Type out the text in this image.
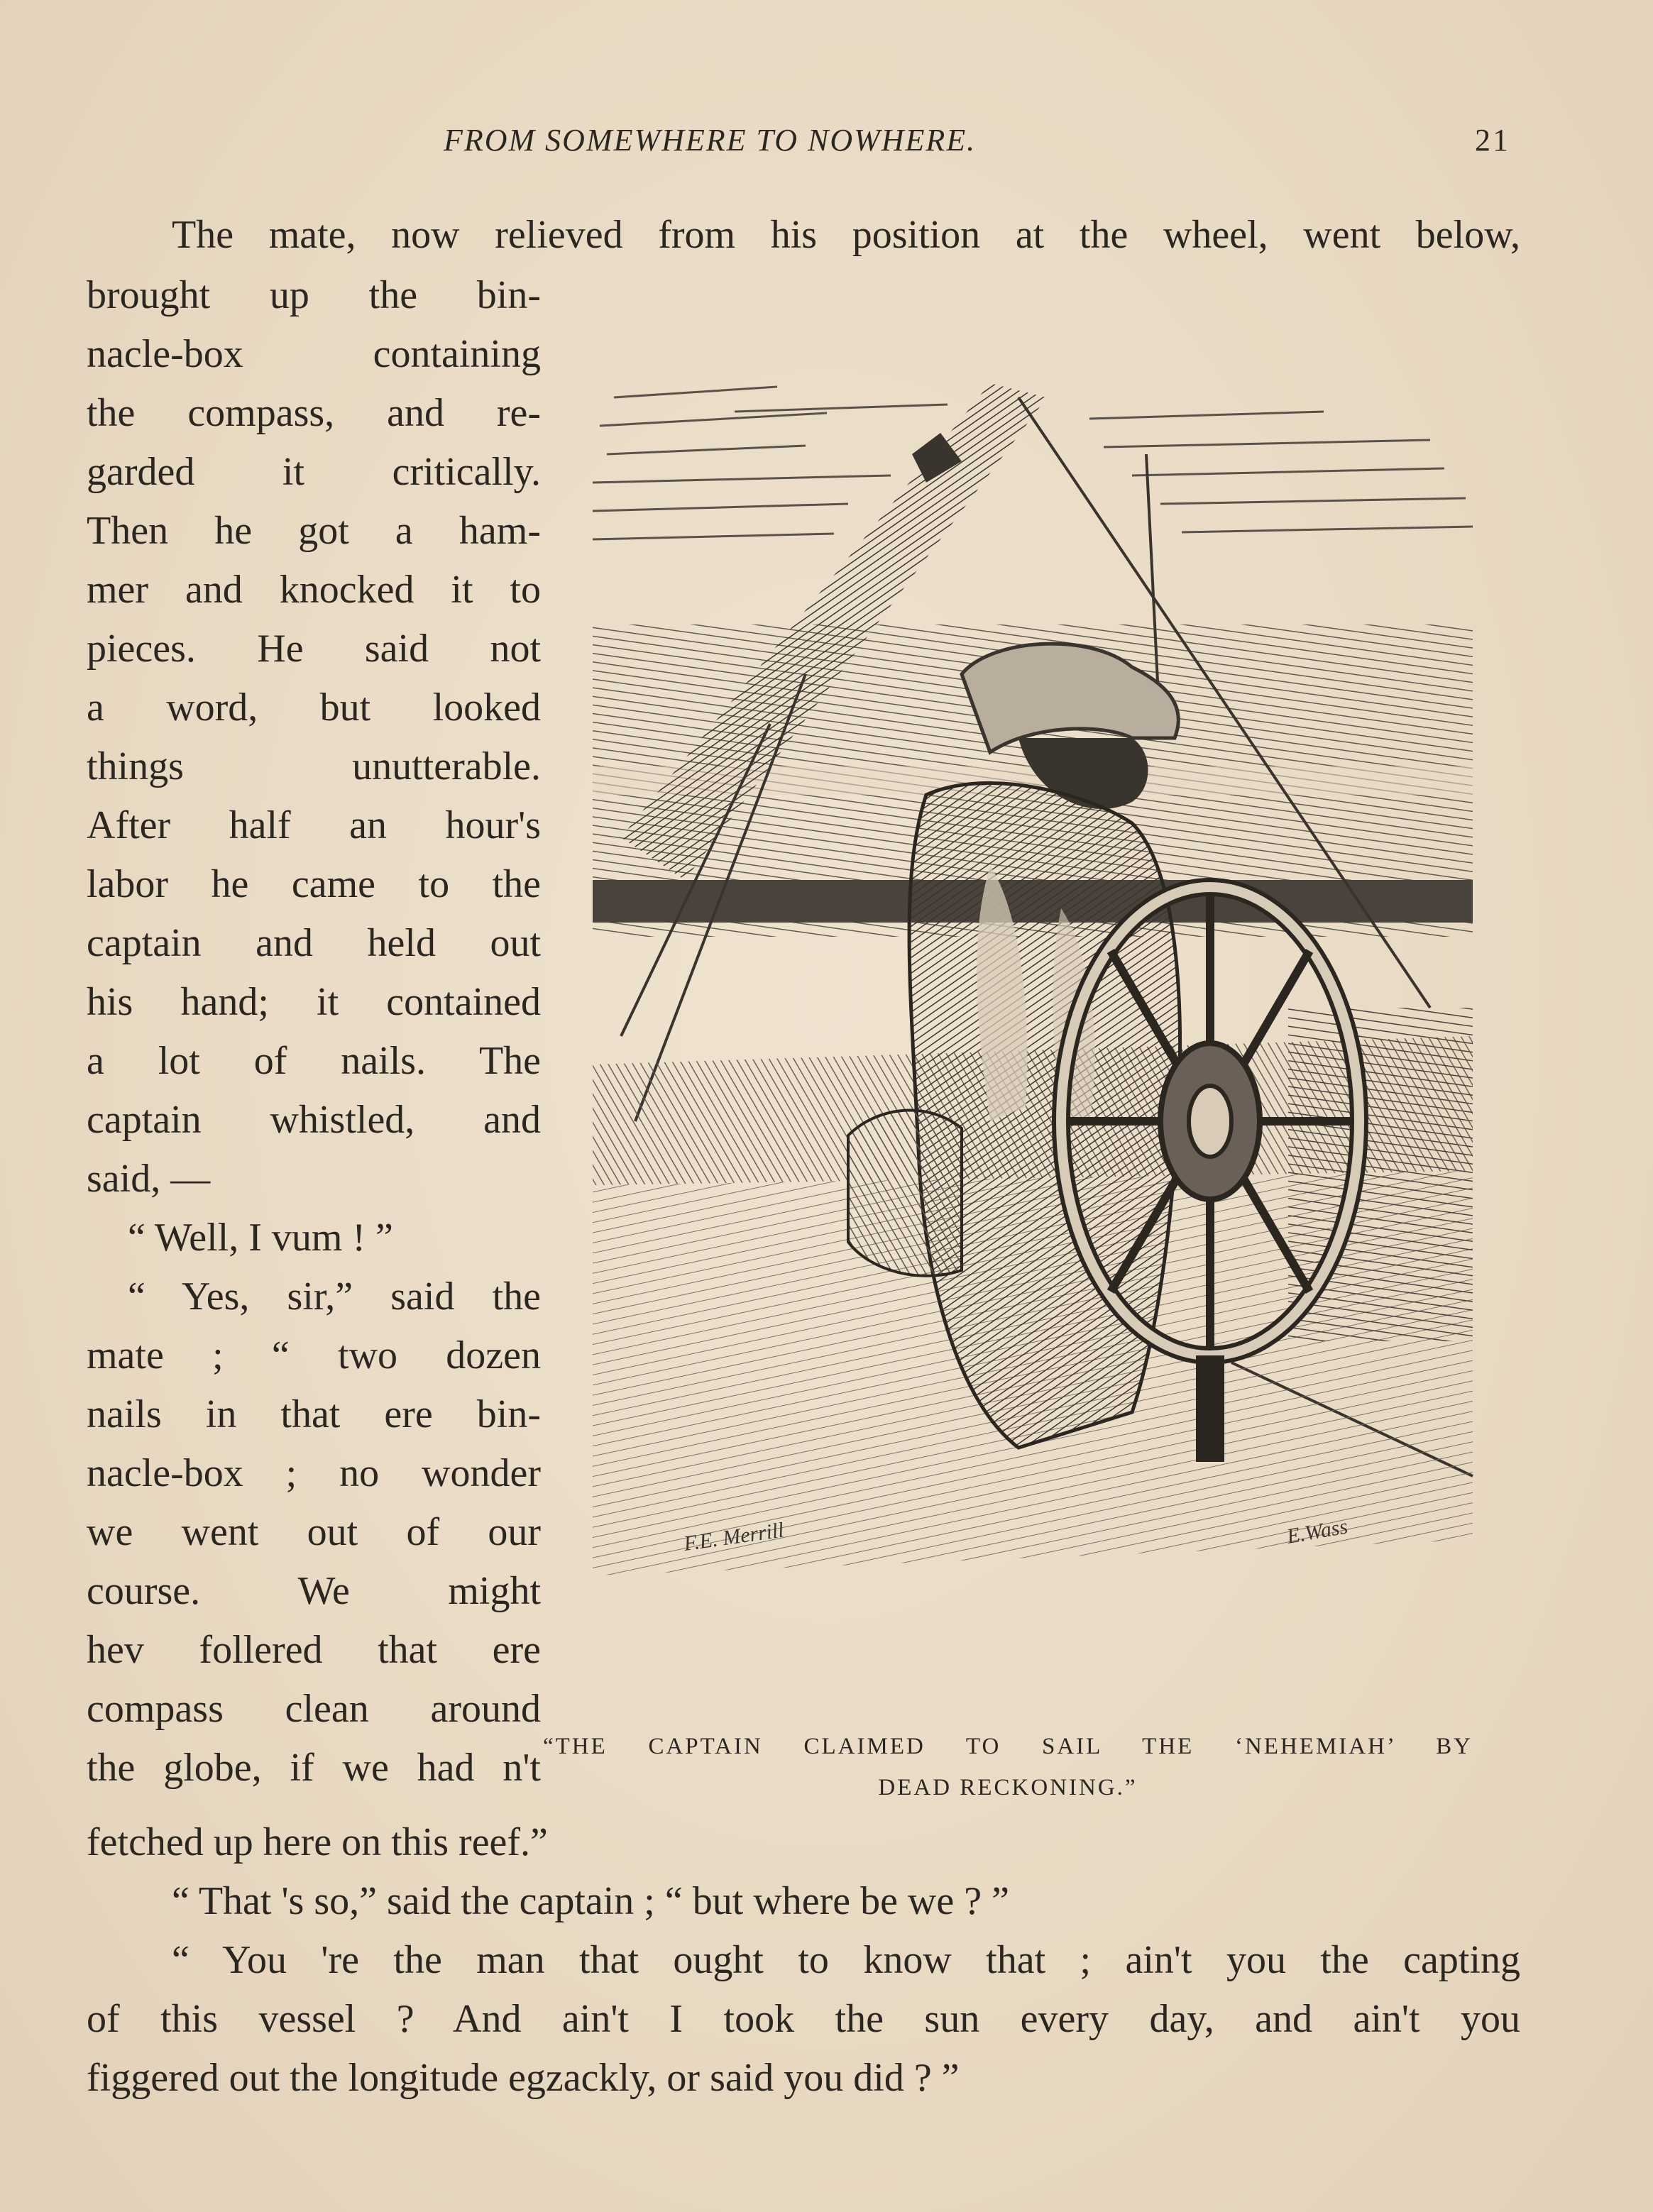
FROM SOMEWHERE TO NOWHERE.	21

The mate, now relieved from his position at the wheel, went below,

brought up the bin-

nacle-box containing

the compass, and re-

garded it critically.

Then he got a ham-

mer and knocked it to

pieces. He said not

a word, but looked

things unutterable.

After half an hour's

labor he came to the

captain and held out

his hand; it contained

a lot of nails. The

captain whistled, and

said, —

“ Well, I vum ! ”

“ Yes, sir,” said the

mate ; “ two dozen

nails in that ere bin-

nacle-box ; no wonder

we went out of our

course. We might

hev follered that ere

compass clean around

the globe, if we had n't

F.E. Merrill	E.Wass
“THE CAPTAIN CLAIMED TO SAIL THE ‘NEHEMIAH’ BY
DEAD RECKONING.”

fetched up here on this reef.”

“ That 's so,” said the captain ; “ but where be we ? ”

“ You 're the man that ought to know that ; ain't you the capting

of this vessel ? And ain't I took the sun every day, and ain't you

figgered out the longitude egzackly, or said you did ? ”
